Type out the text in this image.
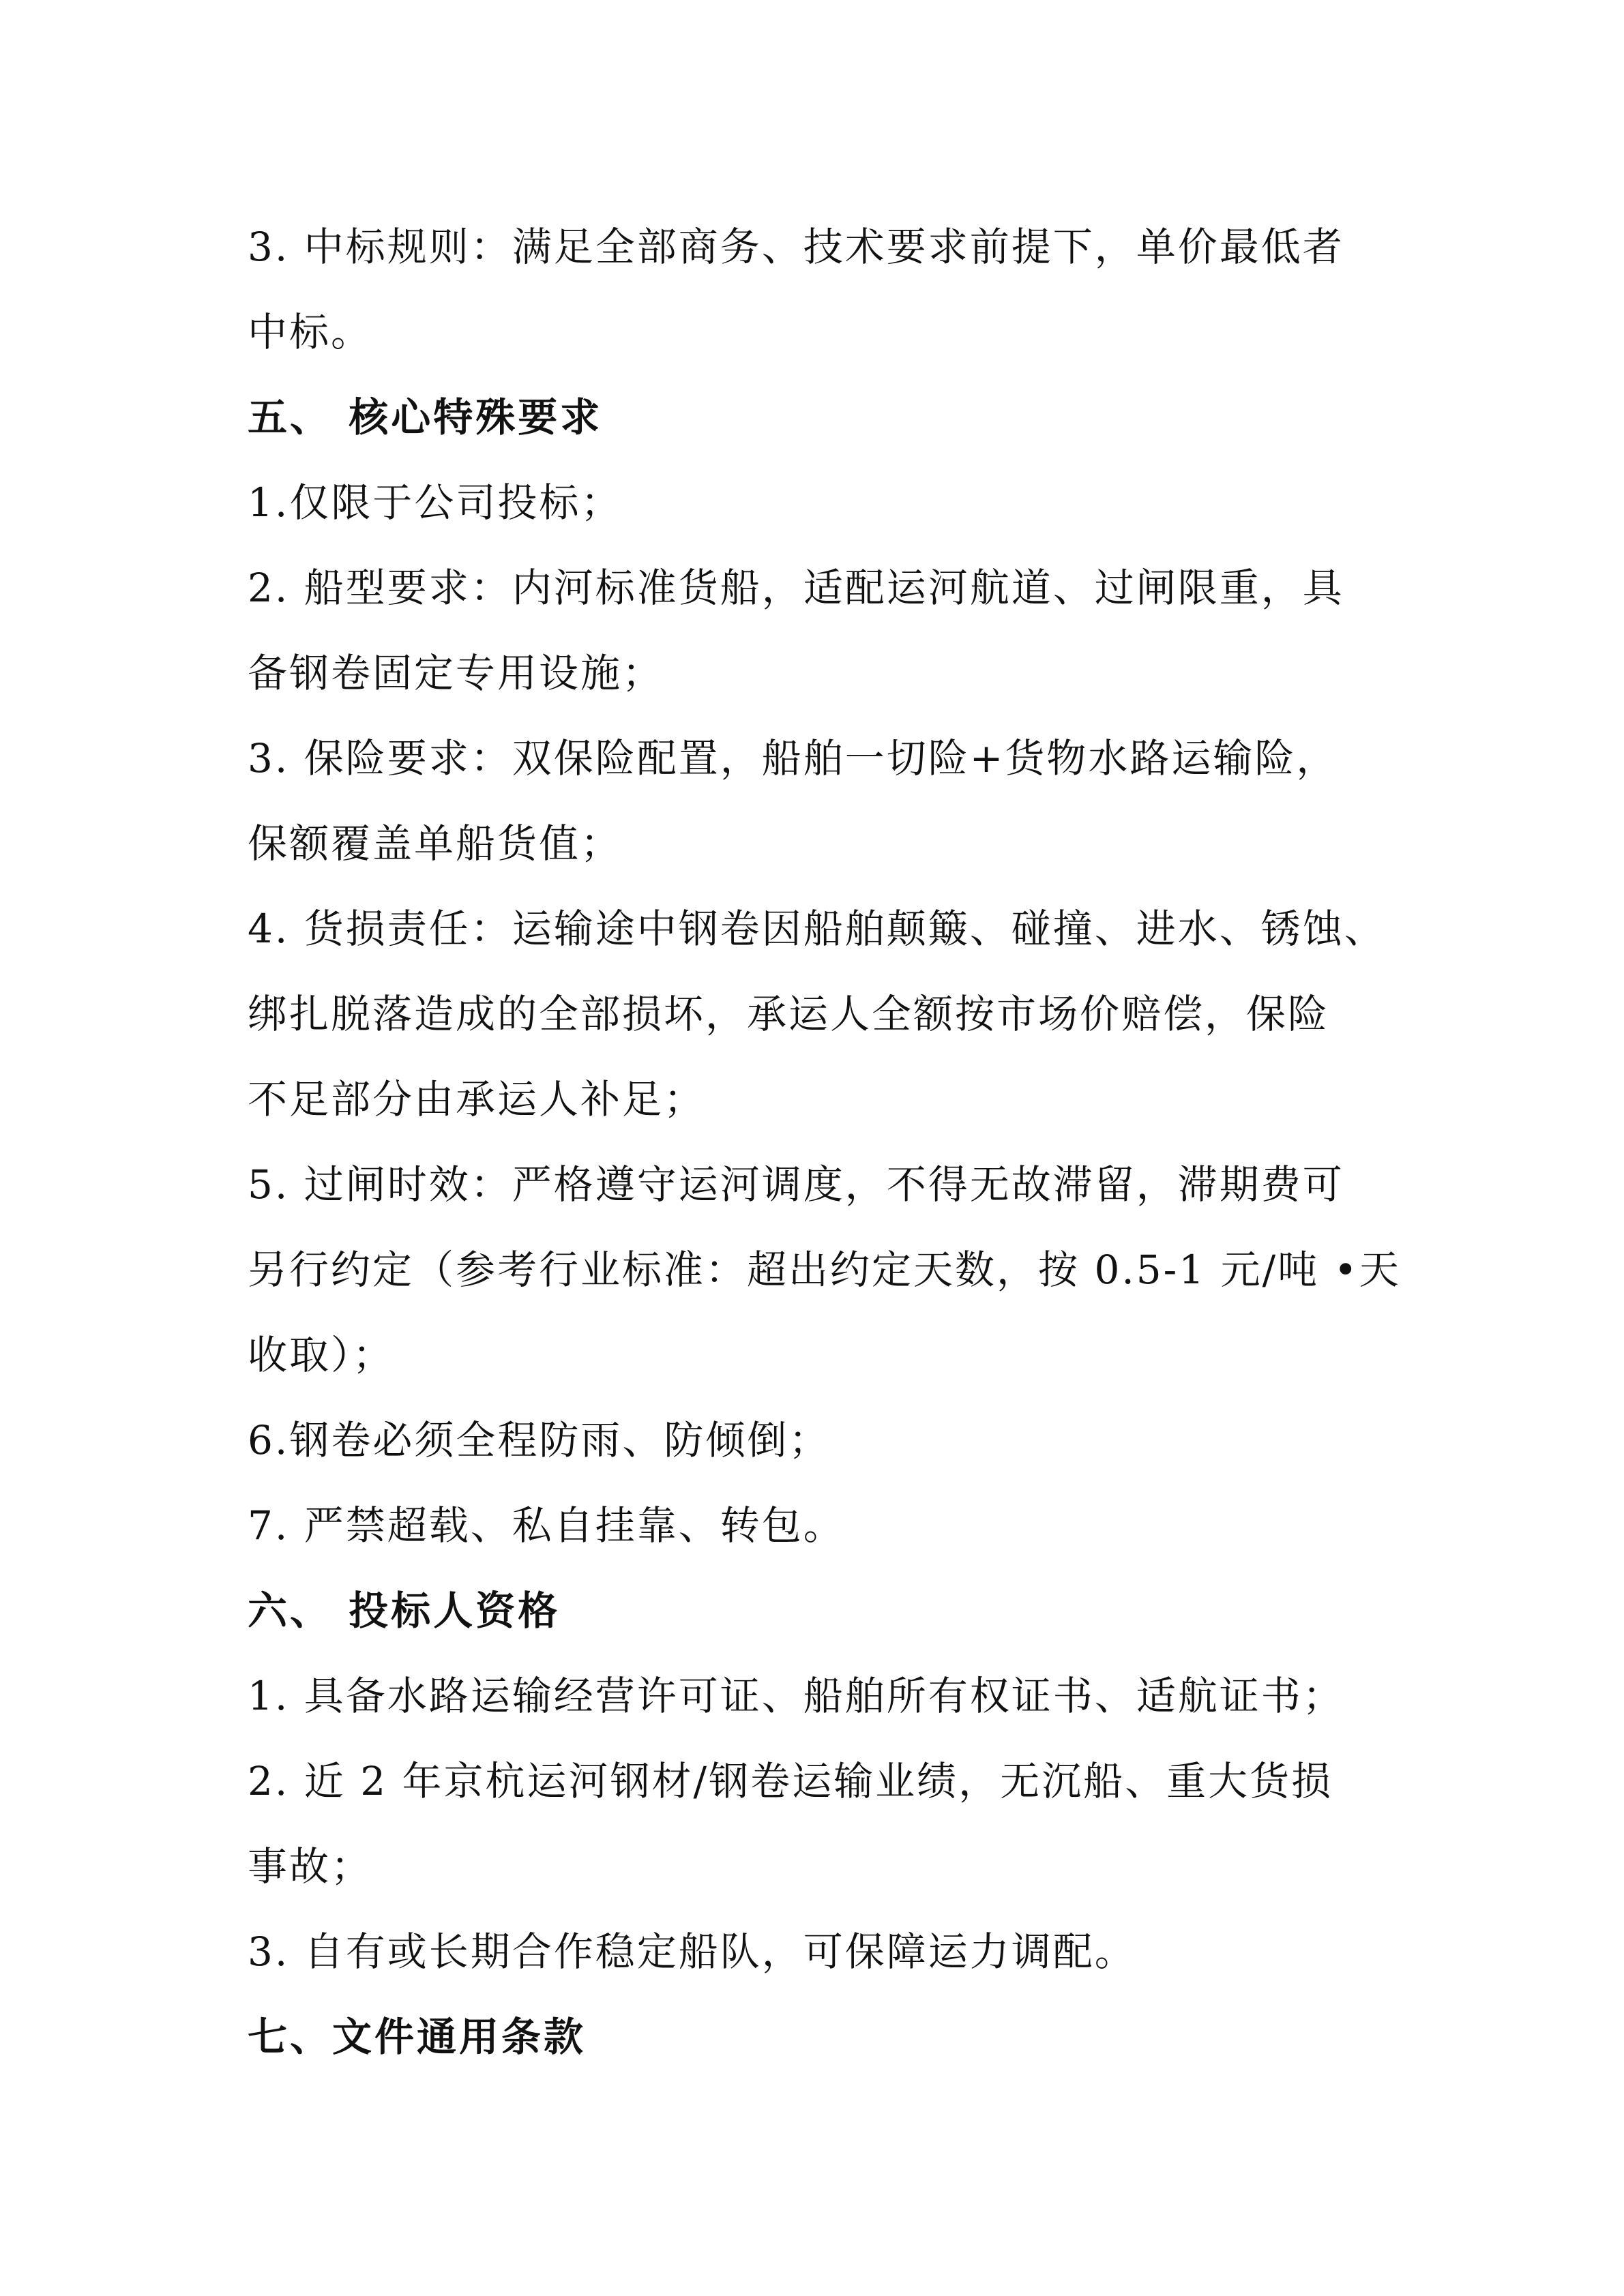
3. 中标规则：满足全部商务、技术要求前提下，单价最低者
中标。
五、 核心特殊要求
1.仅限于公司投标；
2. 船型要求：内河标准货船，适配运河航道、过闸限重，具
备钢卷固定专用设施；
3. 保险要求：双保险配置，船舶一切险+货物水路运输险，
保额覆盖单船货值；
4. 货损责任：运输途中钢卷因船舶颠簸、碰撞、进水、锈蚀、
绑扎脱落造成的全部损坏，承运人全额按市场价赔偿，保险
不足部分由承运人补足；
5. 过闸时效：严格遵守运河调度，不得无故滞留，滞期费可
另行约定（参考行业标准：超出约定天数，按 0.5-1 元/吨 •天
收取）；
6.钢卷必须全程防雨、防倾倒；
7. 严禁超载、私自挂靠、转包。
六、 投标人资格
1. 具备水路运输经营许可证、船舶所有权证书、适航证书；
2. 近 2 年京杭运河钢材/钢卷运输业绩，无沉船、重大货损
事故；
3. 自有或长期合作稳定船队，可保障运力调配。
七、文件通用条款
